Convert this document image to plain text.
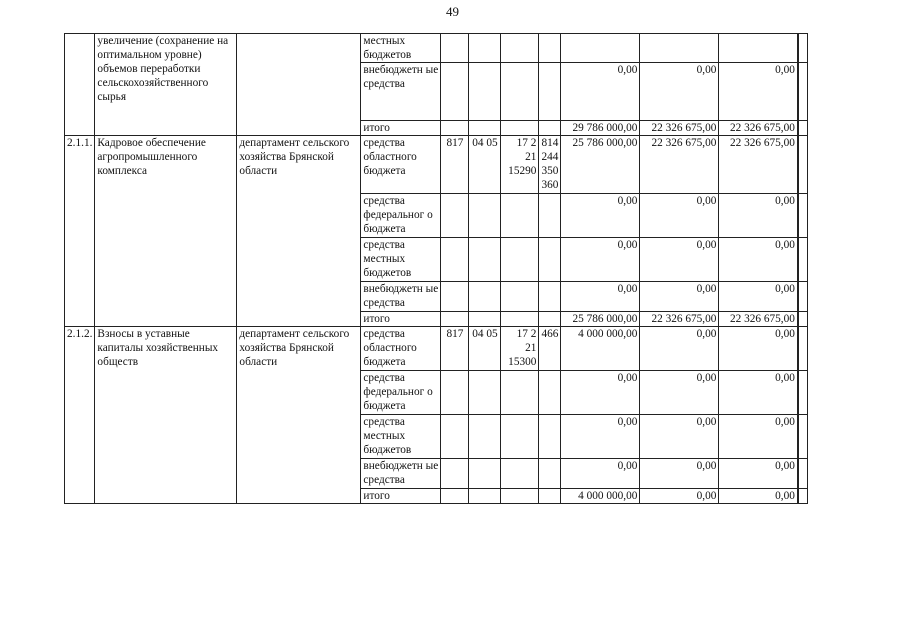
49
	увеличение (сохранение на оптимальном уровне) объемов переработки сельскохозяйственного сырья		местных бюджетов								
			внебюджетн ые средства					0,00	0,00	0,00	
			итого					29 786 000,00	22 326 675,00	22 326 675,00	
2.1.1.	Кадровое обеспечение агропромышленного комплекса	департамент сельского хозяйства Брянской области	средства областного бюджета	817	04 05	17 2 21 15290	814 244 350 360	25 786 000,00	22 326 675,00	22 326 675,00	
			средства федеральног о бюджета					0,00	0,00	0,00	
			средства местных бюджетов					0,00	0,00	0,00	
			внебюджетн ые средства					0,00	0,00	0,00	
			итого					25 786 000,00	22 326 675,00	22 326 675,00	
2.1.2.	Взносы в уставные капиталы хозяйственных обществ	департамент сельского хозяйства Брянской области	средства областного бюджета	817	04 05	17 2 21 15300	466	4 000 000,00	0,00	0,00	
			средства федеральног о бюджета					0,00	0,00	0,00	
			средства местных бюджетов					0,00	0,00	0,00	
			внебюджетн ые средства					0,00	0,00	0,00	
			итого					4 000 000,00	0,00	0,00	
